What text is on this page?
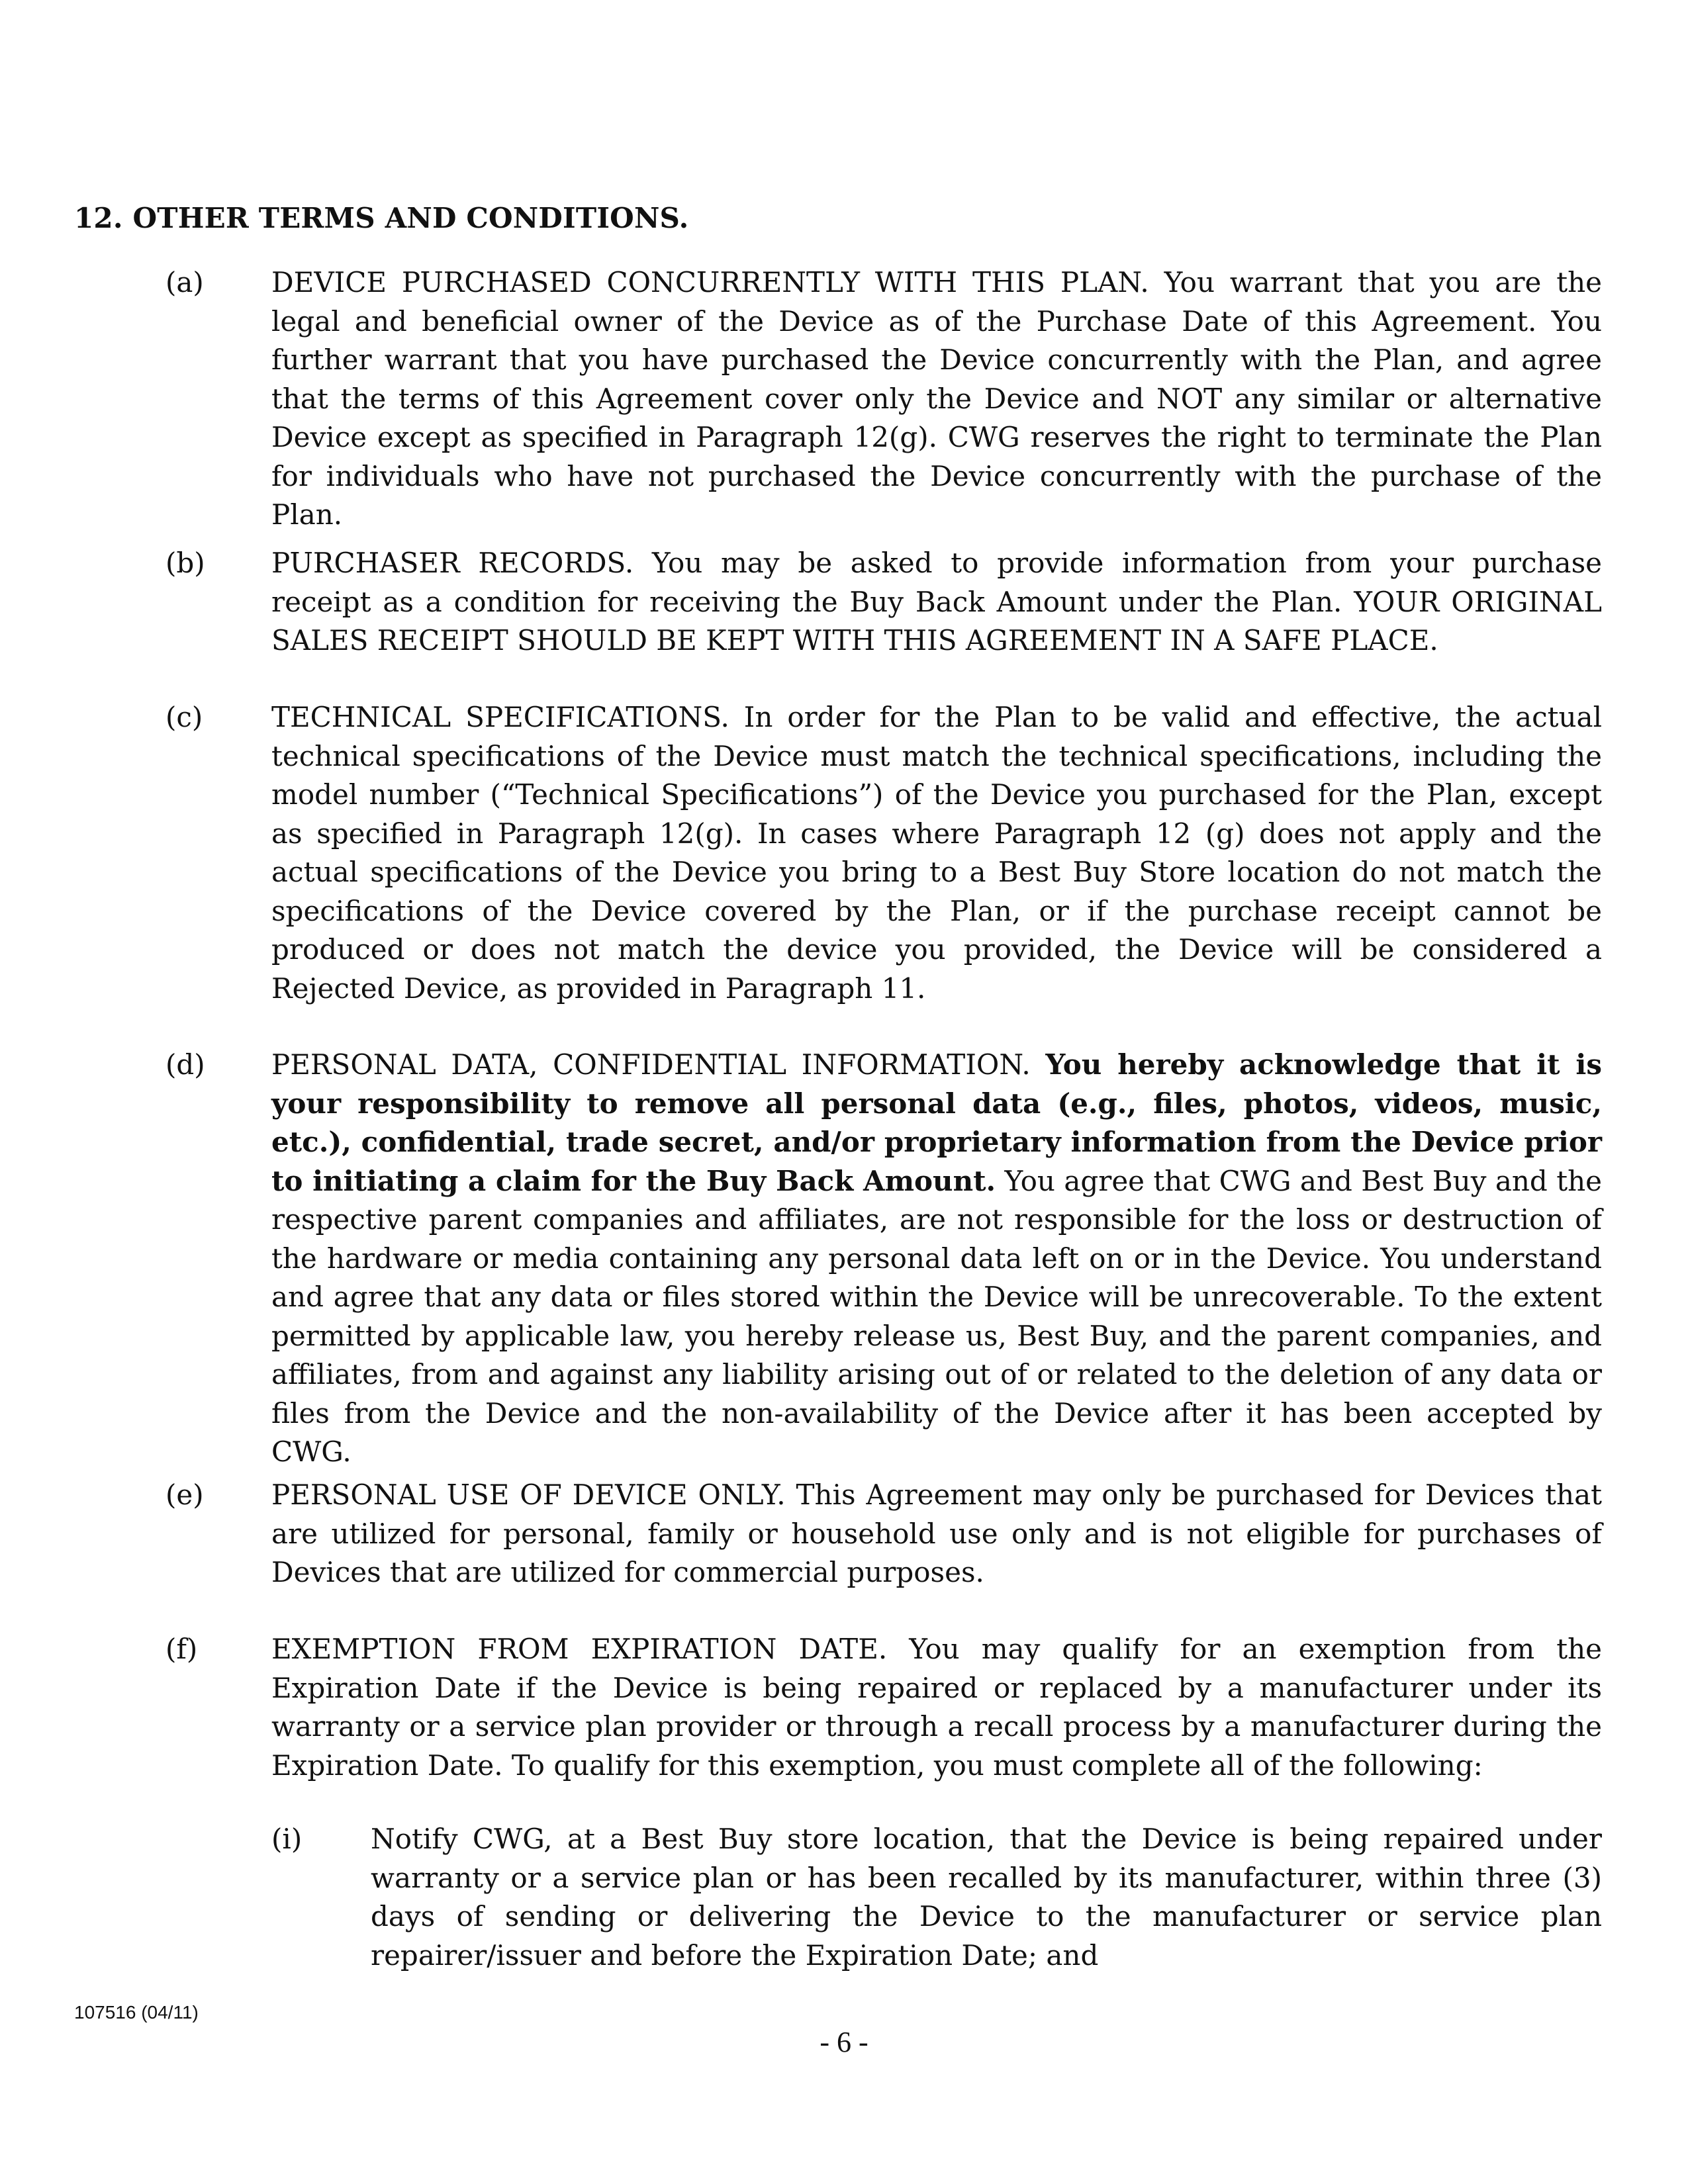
12. OTHER TERMS AND CONDITIONS.
(a) DEVICE PURCHASED CONCURRENTLY WITH THIS PLAN. You warrant that you are the legal and beneficial owner of the Device as of the Purchase Date of this Agreement. You further warrant that you have purchased the Device concurrently with the Plan, and agree that the terms of this Agreement cover only the Device and NOT any similar or alternative Device except as specified in Paragraph 12(g). CWG reserves the right to terminate the Plan for individuals who have not purchased the Device concurrently with the purchase of the Plan.
(b) PURCHASER RECORDS. You may be asked to provide information from your purchase receipt as a condition for receiving the Buy Back Amount under the Plan. YOUR ORIGINAL SALES RECEIPT SHOULD BE KEPT WITH THIS AGREEMENT IN A SAFE PLACE.
(c) TECHNICAL SPECIFICATIONS. In order for the Plan to be valid and effective, the actual technical specifications of the Device must match the technical specifications, including the model number (“Technical Specifications”) of the Device you purchased for the Plan, except as specified in Paragraph 12(g). In cases where Paragraph 12 (g) does not apply and the actual specifications of the Device you bring to a Best Buy Store location do not match the specifications of the Device covered by the Plan, or if the purchase receipt cannot be produced or does not match the device you provided, the Device will be considered a Rejected Device, as provided in Paragraph 11.
(d) PERSONAL DATA, CONFIDENTIAL INFORMATION. You hereby acknowledge that it is your responsibility to remove all personal data (e.g., files, photos, videos, music, etc.), confidential, trade secret, and/or proprietary information from the Device prior to initiating a claim for the Buy Back Amount. You agree that CWG and Best Buy and the respective parent companies and affiliates, are not responsible for the loss or destruction of the hardware or media containing any personal data left on or in the Device. You understand and agree that any data or files stored within the Device will be unrecoverable. To the extent permitted by applicable law, you hereby release us, Best Buy, and the parent companies, and affiliates, from and against any liability arising out of or related to the deletion of any data or files from the Device and the non-availability of the Device after it has been accepted by CWG.
(e) PERSONAL USE OF DEVICE ONLY. This Agreement may only be purchased for Devices that are utilized for personal, family or household use only and is not eligible for purchases of Devices that are utilized for commercial purposes.
(f)	EXEMPTION FROM EXPIRATION DATE. You may qualify for an exemption from the Expiration Date if the Device is being repaired or replaced by a manufacturer under its warranty or a service plan provider or through a recall process by a manufacturer during the Expiration Date. To qualify for this exemption, you must complete all of the following:
(i) Notify CWG, at a Best Buy store location, that the Device is being repaired under warranty or a service plan or has been recalled by its manufacturer, within three (3) days of sending or delivering the Device to the manufacturer or service plan repairer/issuer and before the Expiration Date; and
107516 (04/11)
- 6 -
